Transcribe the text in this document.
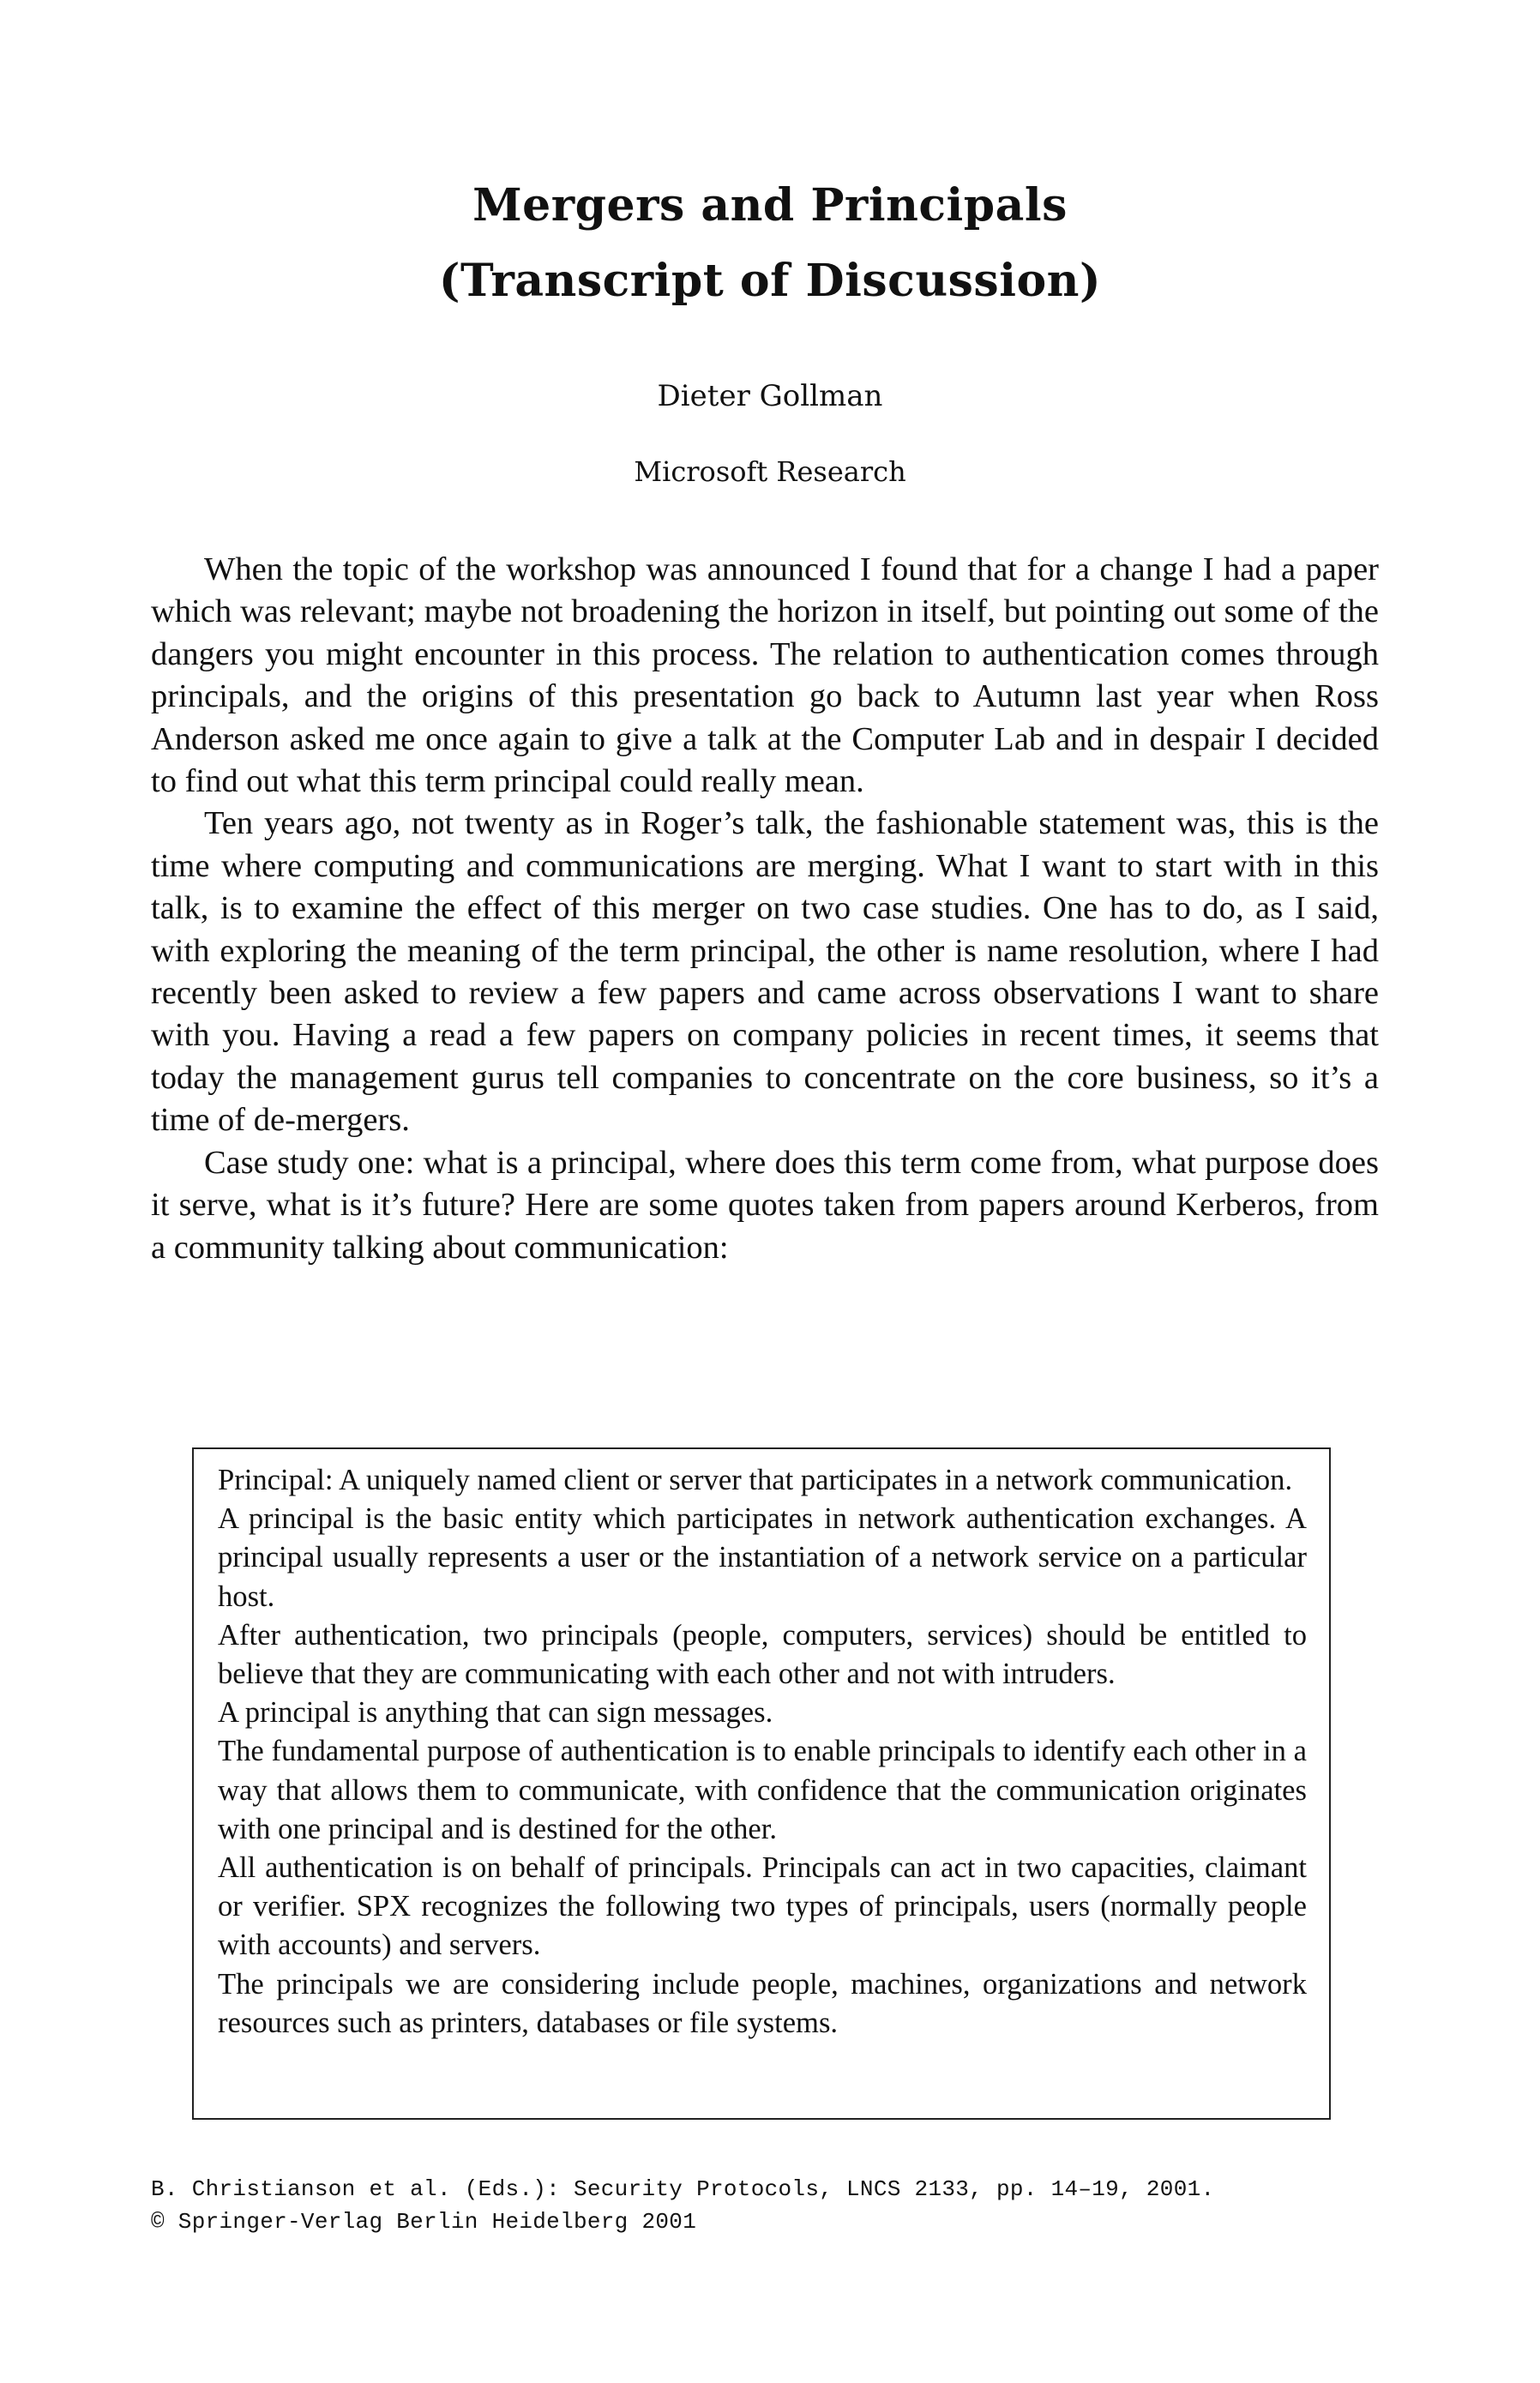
Mergers and Principals
(Transcript of Discussion)
Dieter Gollman
Microsoft Research

When the topic of the workshop was announced I found that for a change I had a paper which was relevant; maybe not broadening the horizon in itself, but pointing out some of the dangers you might encounter in this process. The relation to authentication comes through principals, and the origins of this presentation go back to Autumn last year when Ross Anderson asked me once again to give a talk at the Computer Lab and in despair I decided to find out what this term principal could really mean.

Ten years ago, not twenty as in Roger’s talk, the fashionable statement was, this is the time where computing and communications are merging. What I want to start with in this talk, is to examine the effect of this merger on two case studies. One has to do, as I said, with exploring the meaning of the term principal, the other is name resolution, where I had recently been asked to review a few papers and came across observations I want to share with you. Having a read a few papers on company policies in recent times, it seems that today the management gurus tell companies to concentrate on the core business, so it’s a time of de-mergers.

Case study one: what is a principal, where does this term come from, what purpose does it serve, what is it’s future? Here are some quotes taken from papers around Kerberos, from a community talking about communication:

Principal: A uniquely named client or server that participates in a network communication.

A principal is the basic entity which participates in network authentication exchanges. A principal usually represents a user or the instantiation of a network service on a particular host.

After authentication, two principals (people, computers, services) should be entitled to believe that they are communicating with each other and not with intruders.

A principal is anything that can sign messages.

The fundamental purpose of authentication is to enable principals to identify each other in a way that allows them to communicate, with confidence that the communication originates with one principal and is destined for the other.

All authentication is on behalf of principals. Principals can act in two capacities, claimant or verifier. SPX recognizes the following two types of principals, users (normally people with accounts) and servers.

The principals we are considering include people, machines, organizations and network resources such as printers, databases or file systems.

B. Christianson et al. (Eds.): Security Protocols, LNCS 2133, pp. 14–19, 2001.
© Springer-Verlag Berlin Heidelberg 2001
